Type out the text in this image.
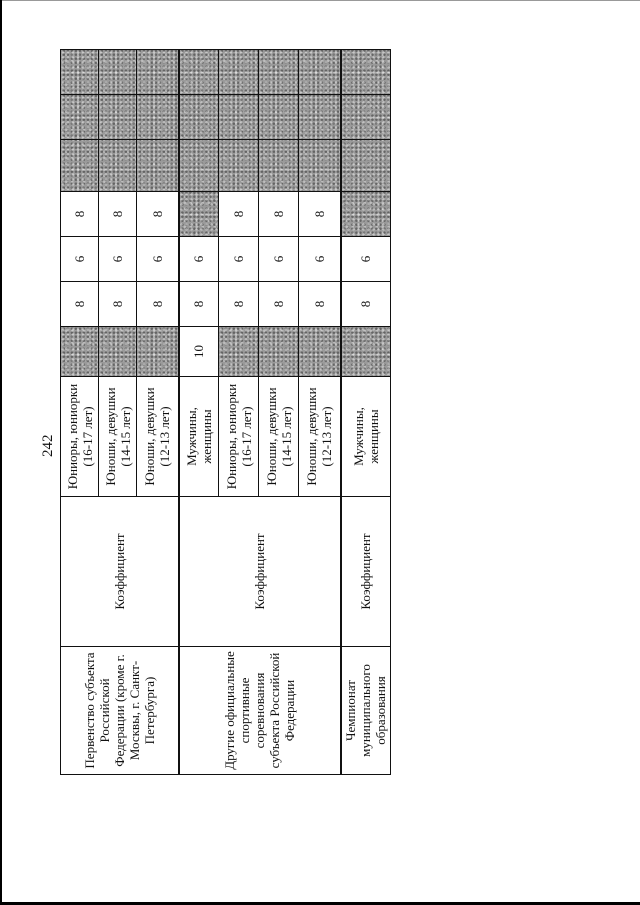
242
Первенство субъекта Российской Федерации (кроме г. Москвы, г. Санкт-Петербурга)	Коэффициент	Юниоры, юниорки (16-17 лет)		8	6	8			
		Юноши, девушки (14-15 лет)		8	6	8			
		Юноши, девушки (12-13 лет)		8	6	8			
Другие официальные спортивные соревнования субъекта Российской Федерации	Коэффициент	Мужчины, женщины	10	8	6				
		Юниоры, юниорки (16-17 лет)		8	6	8			
		Юноши, девушки (14-15 лет)		8	6	8			
		Юноши, девушки (12-13 лет)		8	6	8			
Чемпионат муниципального образования	Коэффициент	Мужчины, женщины		8	6				
